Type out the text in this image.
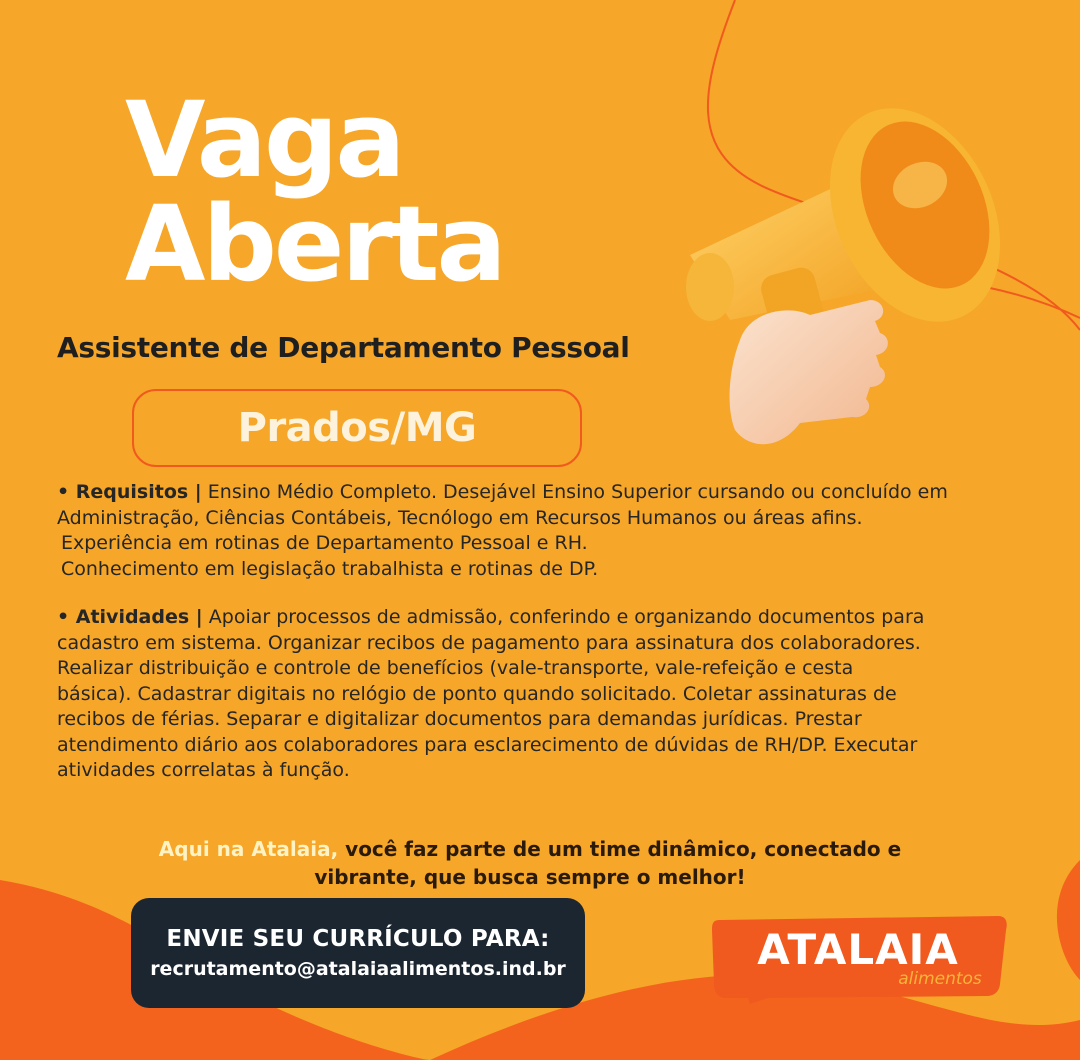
Vaga
Aberta
Assistente de Departamento Pessoal
Prados/MG
• Requisitos | Ensino Médio Completo. Desejável Ensino Superior cursando ou concluído em
Administração, Ciências Contábeis, Tecnólogo em Recursos Humanos ou áreas afins.
Experiência em rotinas de Departamento Pessoal e RH.
Conhecimento em legislação trabalhista e rotinas de DP.
• Atividades | Apoiar processos de admissão, conferindo e organizando documentos para
cadastro em sistema. Organizar recibos de pagamento para assinatura dos colaboradores.
Realizar distribuição e controle de benefícios (vale-transporte, vale-refeição e cesta
básica). Cadastrar digitais no relógio de ponto quando solicitado. Coletar assinaturas de
recibos de férias. Separar e digitalizar documentos para demandas jurídicas. Prestar
atendimento diário aos colaboradores para esclarecimento de dúvidas de RH/DP. Executar
atividades correlatas à função.
Aqui na Atalaia, você faz parte de um time dinâmico, conectado e
vibrante, que busca sempre o melhor!
ENVIE SEU CURRÍCULO PARA:
recrutamento@atalaiaalimentos.ind.br	ATALAIA
alimentos
